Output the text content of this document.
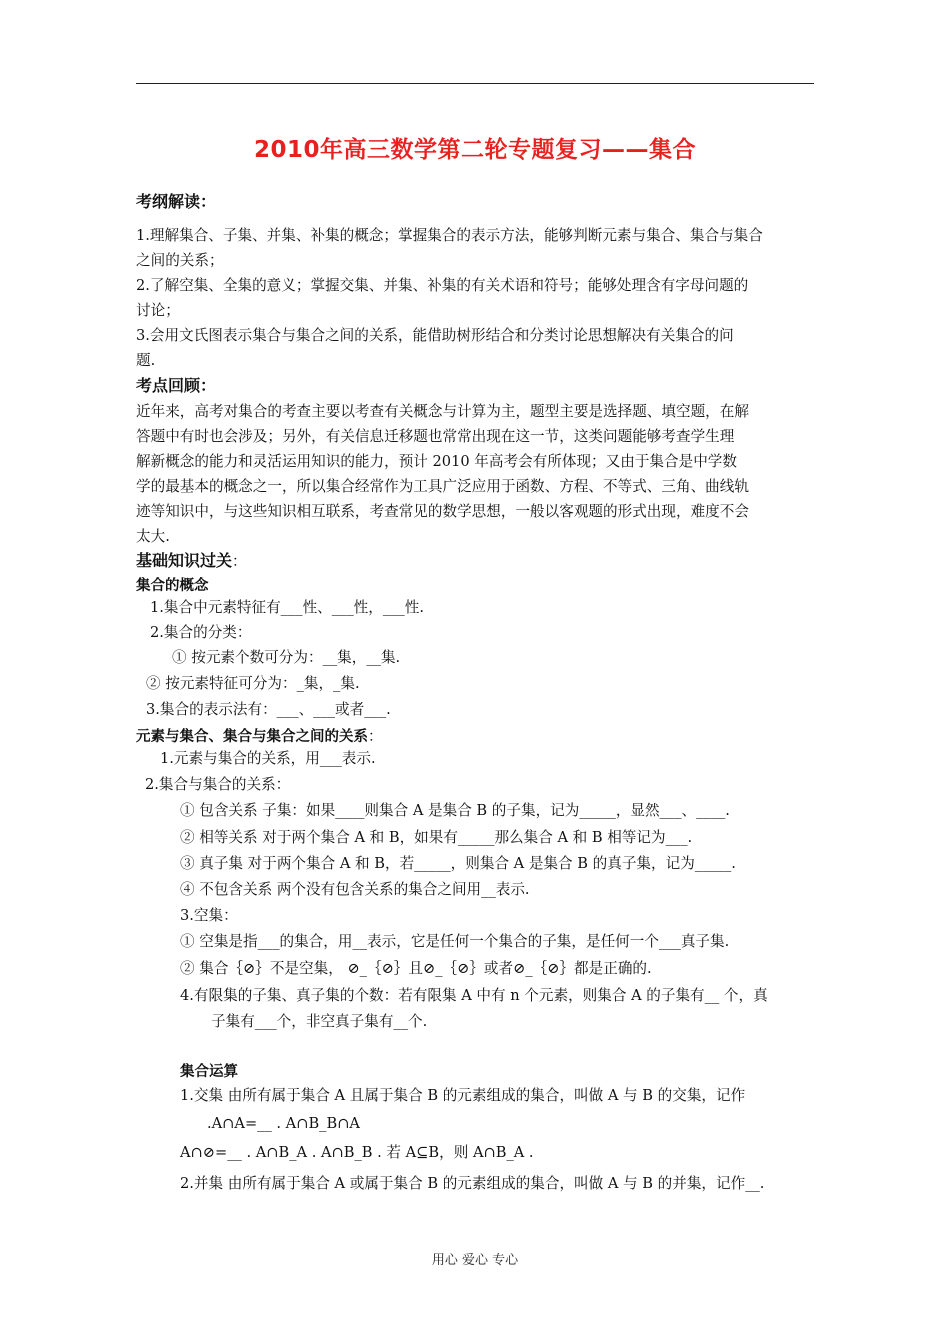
2010年高三数学第二轮专题复习——集合
考纲解读：
1.理解集合、子集、并集、补集的概念；掌握集合的表示方法，能够判断元素与集合、集合与集合
之间的关系；
2.了解空集、全集的意义；掌握交集、并集、补集的有关术语和符号；能够处理含有字母问题的
讨论；
3.会用文氏图表示集合与集合之间的关系，能借助树形结合和分类讨论思想解决有关集合的问
题.
考点回顾：
近年来，高考对集合的考查主要以考查有关概念与计算为主，题型主要是选择题、填空题，在解
答题中有时也会涉及；另外，有关信息迁移题也常常出现在这一节，这类问题能够考查学生理
解新概念的能力和灵活运用知识的能力，预计 2010 年高考会有所体现；又由于集合是中学数
学的最基本的概念之一，所以集合经常作为工具广泛应用于函数、方程、不等式、三角、曲线轨
迹等知识中，与这些知识相互联系，考查常见的数学思想，一般以客观题的形式出现，难度不会
太大.
基础知识过关：
集合的概念
1.集合中元素特征有___性、___性，___性.
2.集合的分类：
① 按元素个数可分为：__集，__集.
② 按元素特征可分为：_集，_集.
3.集合的表示法有：___、___或者___.
元素与集合、集合与集合之间的关系：
1.元素与集合的关系，用___表示.
2.集合与集合的关系：
① 包含关系 子集：如果____则集合 A 是集合 B 的子集，记为_____，显然___、____.
② 相等关系 对于两个集合 A 和 B，如果有_____那么集合 A 和 B 相等记为___.
③ 真子集 对于两个集合 A 和 B，若_____，则集合 A 是集合 B 的真子集，记为_____.
④ 不包含关系 两个没有包含关系的集合之间用__表示.
3.空集：
① 空集是指___的集合，用__表示，它是任何一个集合的子集，是任何一个___真子集.
② 集合｛⊘｝不是空集， ⊘_｛⊘｝且⊘_｛⊘｝或者⊘_｛⊘｝都是正确的.
4.有限集的子集、真子集的个数：若有限集 A 中有 n 个元素，则集合 A 的子集有__ 个，真
子集有___个，非空真子集有__个.
集合运算
1.交集 由所有属于集合 A 且属于集合 B 的元素组成的集合，叫做 A 与 B 的交集，记作
.A∩A=__ . A∩B_B∩A
A∩⊘=__ . A∩B_A . A∩B_B . 若 A⊆B，则 A∩B_A .
2.并集 由所有属于集合 A 或属于集合 B 的元素组成的集合，叫做 A 与 B 的并集，记作__.
用心 爱心 专心
